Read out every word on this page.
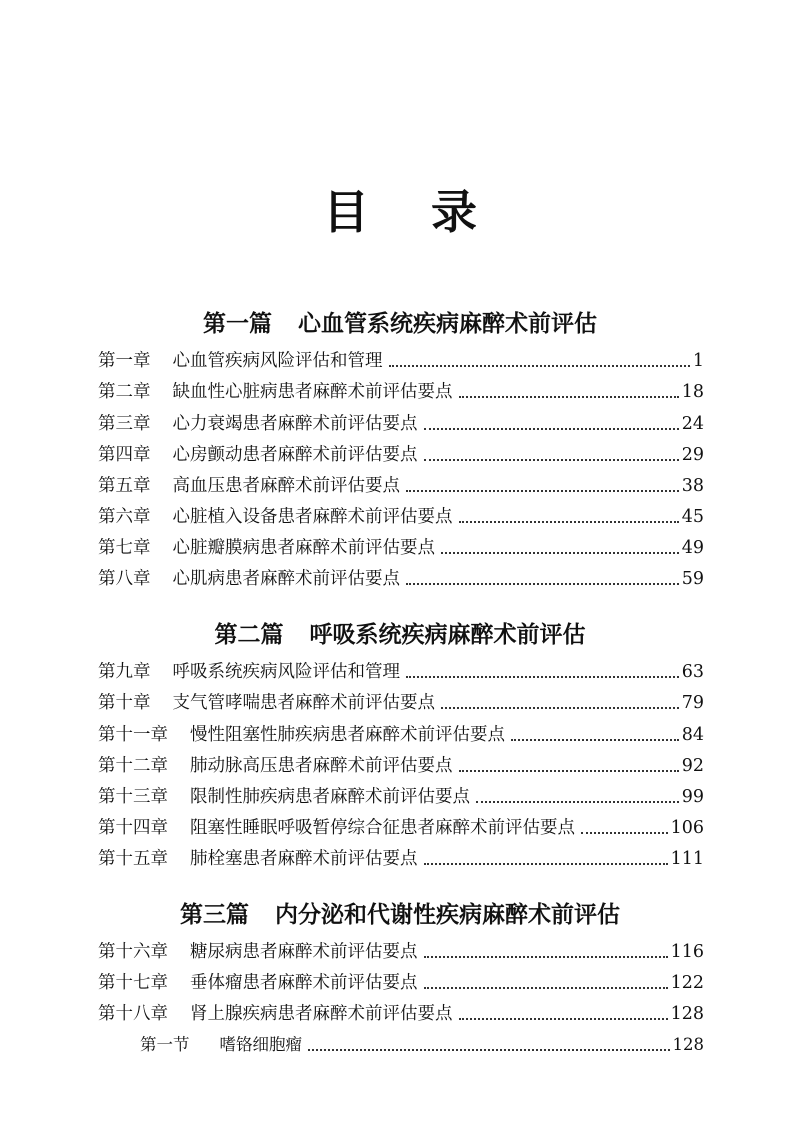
目 录
第一篇 心血管系统疾病麻醉术前评估
第一章 心血管疾病风险评估和管理	1
第二章 缺血性心脏病患者麻醉术前评估要点	18
第三章 心力衰竭患者麻醉术前评估要点	24
第四章 心房颤动患者麻醉术前评估要点	29
第五章 高血压患者麻醉术前评估要点	38
第六章 心脏植入设备患者麻醉术前评估要点	45
第七章 心脏瓣膜病患者麻醉术前评估要点	49
第八章 心肌病患者麻醉术前评估要点	59
第二篇 呼吸系统疾病麻醉术前评估
第九章 呼吸系统疾病风险评估和管理	63
第十章 支气管哮喘患者麻醉术前评估要点	79
第十一章 慢性阻塞性肺疾病患者麻醉术前评估要点	84
第十二章 肺动脉高压患者麻醉术前评估要点	92
第十三章 限制性肺疾病患者麻醉术前评估要点	99
第十四章 阻塞性睡眠呼吸暂停综合征患者麻醉术前评估要点	106
第十五章 肺栓塞患者麻醉术前评估要点	111
第三篇 内分泌和代谢性疾病麻醉术前评估
第十六章 糖尿病患者麻醉术前评估要点	116
第十七章 垂体瘤患者麻醉术前评估要点	122
第十八章 肾上腺疾病患者麻醉术前评估要点	128
第一节 嗜铬细胞瘤	128
